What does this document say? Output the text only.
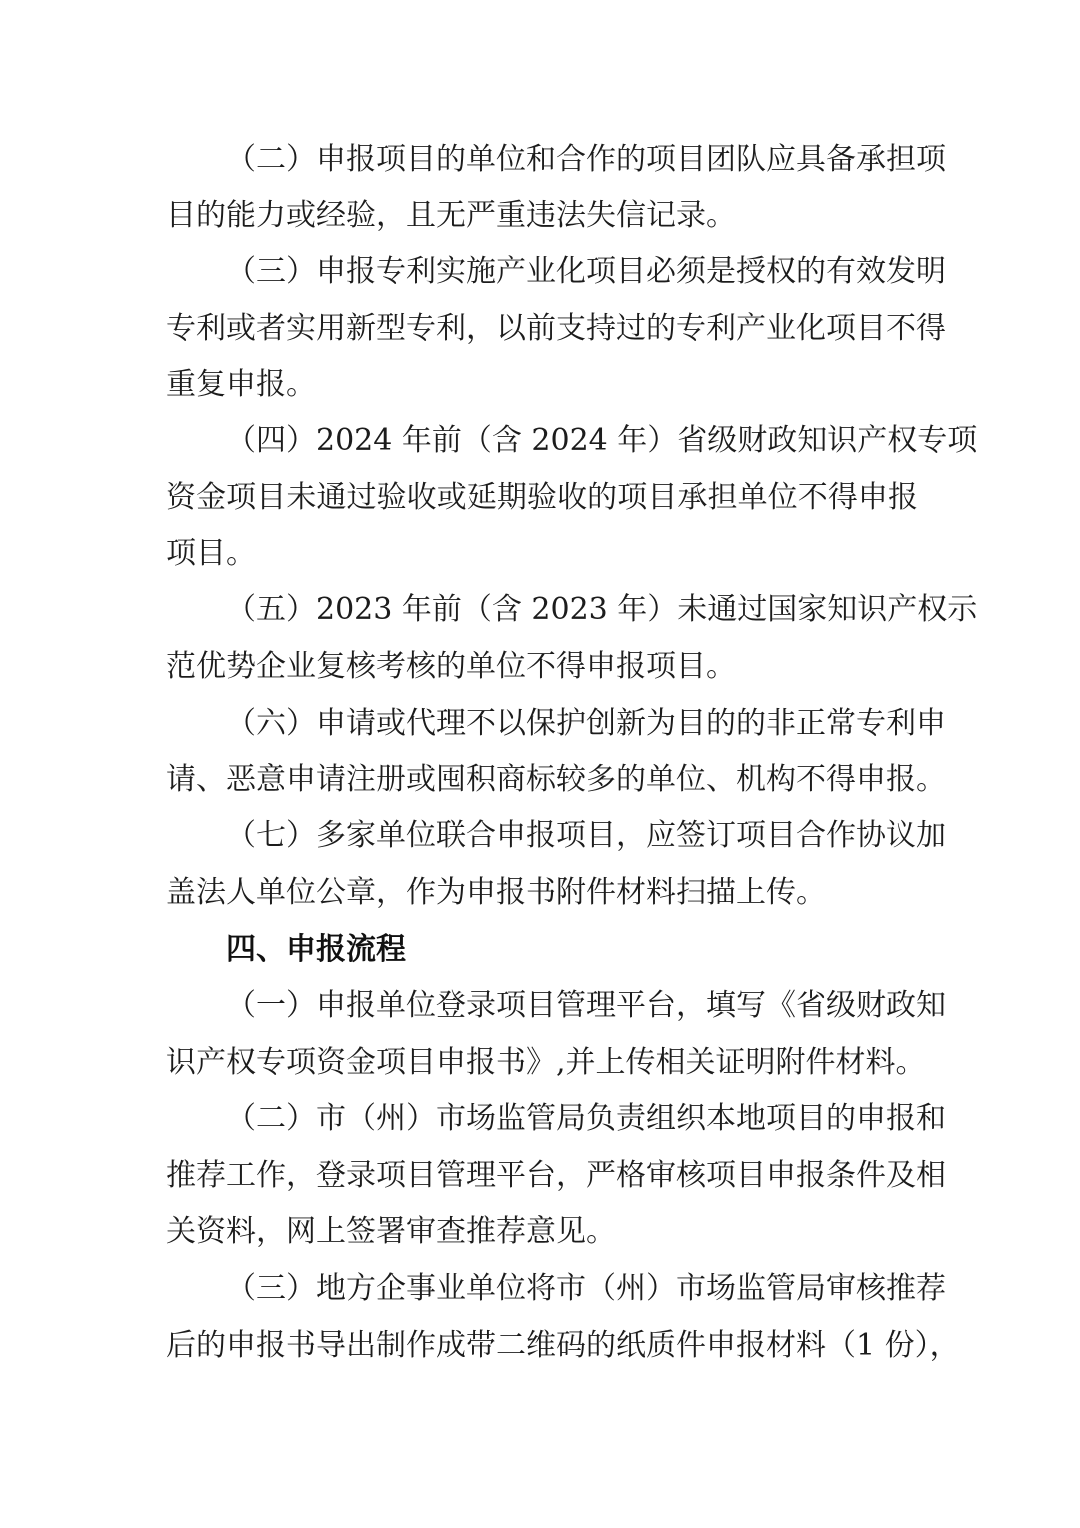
（二）申报项目的单位和合作的项目团队应具备承担项
目的能力或经验，且无严重违法失信记录。
（三）申报专利实施产业化项目必须是授权的有效发明
专利或者实用新型专利，以前支持过的专利产业化项目不得
重复申报。
（四）2024 年前（含 2024 年）省级财政知识产权专项
资金项目未通过验收或延期验收的项目承担单位不得申报
项目。
（五）2023 年前（含 2023 年）未通过国家知识产权示
范优势企业复核考核的单位不得申报项目。
（六）申请或代理不以保护创新为目的的非正常专利申
请、恶意申请注册或囤积商标较多的单位、机构不得申报。
（七）多家单位联合申报项目，应签订项目合作协议加
盖法人单位公章，作为申报书附件材料扫描上传。
四、申报流程
（一）申报单位登录项目管理平台，填写《省级财政知
识产权专项资金项目申报书》,并上传相关证明附件材料。
（二）市（州）市场监管局负责组织本地项目的申报和
推荐工作，登录项目管理平台，严格审核项目申报条件及相
关资料，网上签署审查推荐意见。
（三）地方企事业单位将市（州）市场监管局审核推荐
后的申报书导出制作成带二维码的纸质件申报材料（1 份），
